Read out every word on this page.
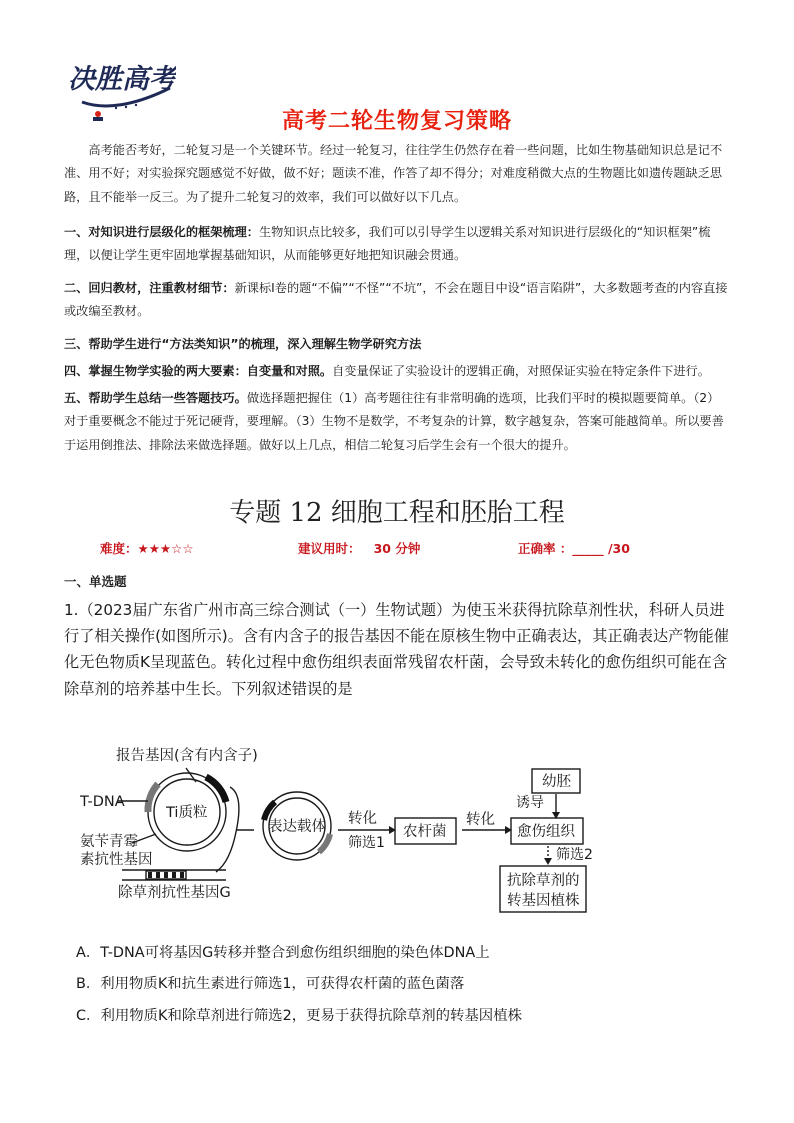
决胜高考
高考二轮生物复习策略
高考能否考好，二轮复习是一个关键环节。经过一轮复习，往往学生仍然存在着一些问题，比如生物基础知识总是记不准、用不好；对实验探究题感觉不好做，做不好；题读不准，作答了却不得分；对难度稍微大点的生物题比如遗传题缺乏思路，且不能举一反三。为了提升二轮复习的效率，我们可以做好以下几点。
一、对知识进行层级化的框架梳理：生物知识点比较多，我们可以引导学生以逻辑关系对知识进行层级化的“知识框架”梳理，以便让学生更牢固地掌握基础知识，从而能够更好地把知识融会贯通。
二、回归教材，注重教材细节：新课标Ⅰ卷的题“不偏”“不怪”“不坑”，不会在题目中设“语言陷阱”，大多数题考查的内容直接或改编至教材。
三、帮助学生进行“方法类知识”的梳理，深入理解生物学研究方法
四、掌握生物学实验的两大要素：自变量和对照。自变量保证了实验设计的逻辑正确，对照保证实验在特定条件下进行。
五、帮助学生总结一些答题技巧。做选择题把握住（1）高考题往往有非常明确的选项，比我们平时的模拟题要简单。（2）对于重要概念不能过于死记硬背，要理解。（3）生物不是数学，不考复杂的计算，数字越复杂，答案可能越简单。所以要善于运用倒推法、排除法来做选择题。做好以上几点，相信二轮复习后学生会有一个很大的提升。
专题 12 细胞工程和胚胎工程
难度：★★★☆☆	建议用时： 30 分钟	正确率 ：_____ /30
一、单选题
1.（2023届广东省广州市高三综合测试（一）生物试题）为使玉米获得抗除草剂性状，科研人员进行了相关操作(如图所示)。含有内含子的报告基因不能在原核生物中正确表达，其正确表达产物能催化无色物质K呈现蓝色。转化过程中愈伤组织表面常残留农杆菌，会导致未转化的愈伤组织可能在含除草剂的培养基中生长。下列叙述错误的是
报告基因(含有内含子)
T-DNA
Ti质粒
氨苄青霉
素抗性基因
除草剂抗性基因G
表达载体 转化
筛选1
农杆菌
转化
幼胚
诱导
愈伤组织
筛选2
抗除草剂的
转基因植株
A．T-DNA可将基因G转移并整合到愈伤组织细胞的染色体DNA上
B．利用物质K和抗生素进行筛选1，可获得农杆菌的蓝色菌落
C．利用物质K和除草剂进行筛选2，更易于获得抗除草剂的转基因植株
